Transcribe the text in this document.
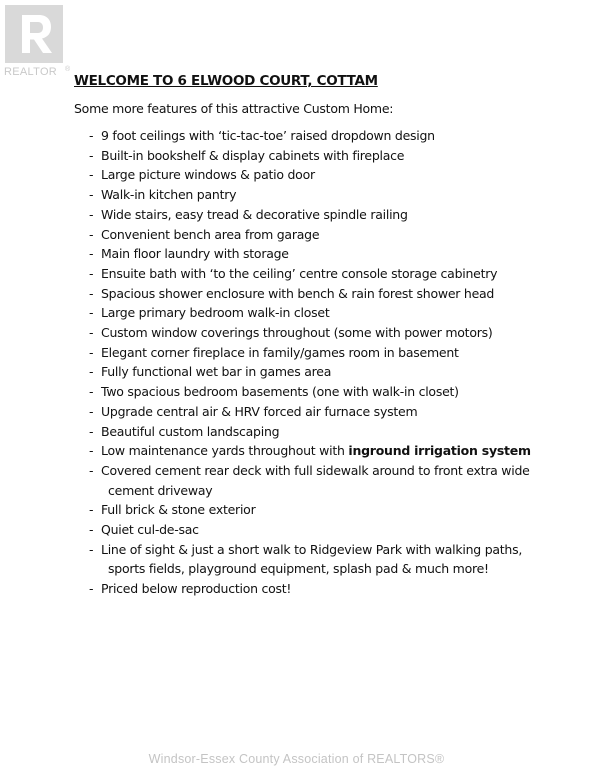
REALTOR ®
WELCOME TO 6 ELWOOD COURT, COTTAM
Some more features of this attractive Custom Home:
- 9 foot ceilings with ‘tic-tac-toe’ raised dropdown design
- Built-in bookshelf & display cabinets with fireplace
- Large picture windows & patio door
- Walk-in kitchen pantry
- Wide stairs, easy tread & decorative spindle railing
- Convenient bench area from garage
- Main floor laundry with storage
- Ensuite bath with ‘to the ceiling’ centre console storage cabinetry
- Spacious shower enclosure with bench & rain forest shower head
- Large primary bedroom walk-in closet
- Custom window coverings throughout (some with power motors)
- Elegant corner fireplace in family/games room in basement
- Fully functional wet bar in games area
- Two spacious bedroom basements (one with walk-in closet)
- Upgrade central air & HRV forced air furnace system
- Beautiful custom landscaping
- Low maintenance yards throughout with inground irrigation system
- Covered cement rear deck with full sidewalk around to front extra wide
cement driveway
- Full brick & stone exterior
- Quiet cul-de-sac
- Line of sight & just a short walk to Ridgeview Park with walking paths,
sports fields, playground equipment, splash pad & much more!
- Priced below reproduction cost!
Windsor-Essex County Association of REALTORS®
